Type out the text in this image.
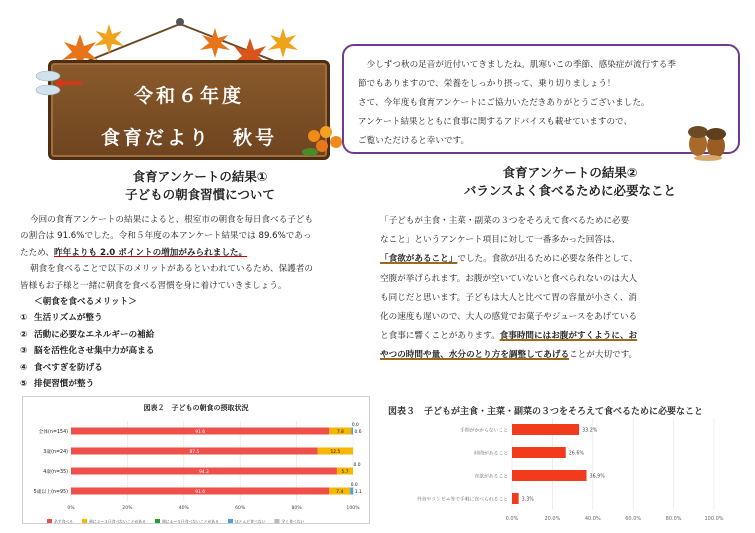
令和６年度
食育だより　秋号

　少しずつ秋の足音が近付いてきましたね。肌寒いこの季節、感染症が流行する季

節でもありますので、栄養をしっかり摂って、乗り切りましょう！

さて、今年度も食育アンケートにご協力いただきありがとうございました。

アンケート結果とともに食事に関するアドバイスも載せていますので、

ご覧いただけると幸いです。

食育アンケートの結果①
子どもの朝食習慣について

今回の食育アンケートの結果によると、根室市の朝食を毎日食べる子ども

の割合は 91.6%でした。令和５年度の本アンケート結果では 89.6%であっ

たため、昨年よりも 2.0 ポイントの増加がみられました。

朝食を食べることで以下のメリットがあるといわれているため、保護者の

皆様もお子様と一緒に朝食を食べる習慣を身に着けていきましょう。

＜朝食を食べるメリット＞

① 生活リズムが整う

② 活動に必要なエネルギーの補給

③ 脳を活性化させ集中力が高まる

④ 食べすぎを防げる

⑤ 排便習慣が整う

食育アンケートの結果②
バランスよく食べるために必要なこと

「子どもが主食・主菜・副菜の３つをそろえて食べるために必要

なこと」というアンケート項目に対して一番多かった回答は、

「食欲があること」でした。食欲が出るために必要な条件として、

空腹が挙げられます。お腹が空いていないと食べられないのは大人

も同じだと思います。子どもは大人と比べて胃の容量が小さく、消

化の速度も遅いので、大人の感覚でお菓子やジュースをあげている

と食事に響くことがあります。食事時間にはお腹がすくように、お

やつの時間や量、水分のとり方を調整してあげることが大切です。

図表２　子どもの朝食の摂取状況
0%	20%	40%	60%	80%	100%
全体(n=154)	91.6	7.8
0.0
0.6
3歳(n=24)	87.5	12.5
4歳(n=35)	94.3	5.7
0.0
5歳以上(n=95)	91.6	7.4
0.0
1.1
必ず食べる	週に２～３日食べないことがある	週に４～５日食べないことがある	ほとんど食べない	全く食べない
図表３　子どもが主食・主菜・副菜の３つをそろえて食べるために必要なこと
0.0%	20.0%	40.0%	60.0%	80.0%	100.0%
手間がかからないこと	33.2%
時間があること	26.6%
食欲があること	36.9%
外食やコンビニ等で手軽に食べられること	3.3%
